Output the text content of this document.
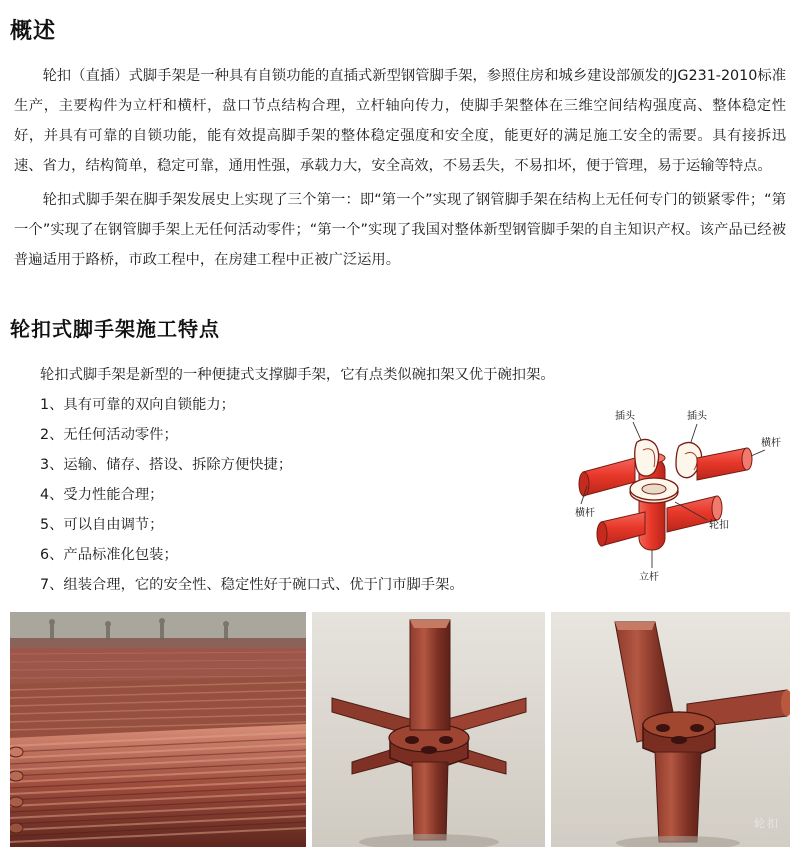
概述

轮扣（直插）式脚手架是一种具有自锁功能的直插式新型钢管脚手架，参照住房和城乡建设部颁发的JG231-2010标准生产，主要构件为立杆和横杆，盘口节点结构合理，立杆轴向传力，使脚手架整体在三维空间结构强度高、整体稳定性好，并具有可靠的自锁功能，能有效提高脚手架的整体稳定强度和安全度，能更好的满足施工安全的需要。具有接拆迅速、省力，结构简单，稳定可靠，通用性强，承载力大，安全高效，不易丢失，不易扣坏，便于管理，易于运输等特点。

轮扣式脚手架在脚手架发展史上实现了三个第一：即“第一个”实现了钢管脚手架在结构上无任何专门的锁紧零件；“第一个”实现了在钢管脚手架上无任何活动零件；“第一个”实现了我国对整体新型钢管脚手架的自主知识产权。该产品已经被普遍适用于路桥，市政工程中，在房建工程中正被广泛运用。

轮扣式脚手架施工特点

轮扣式脚手架是新型的一种便捷式支撑脚手架，它有点类似碗扣架又优于碗扣架。

1、具有可靠的双向自锁能力；
2、无任何活动零件；
3、运输、储存、搭设、拆除方便快捷；
4、受力性能合理；
5、可以自由调节；
6、产品标准化包装；
7、组装合理，它的安全性、稳定性好于碗口式、优于门市脚手架。
插头	插头
横杆
横杆
轮扣
立杆
轮扣
